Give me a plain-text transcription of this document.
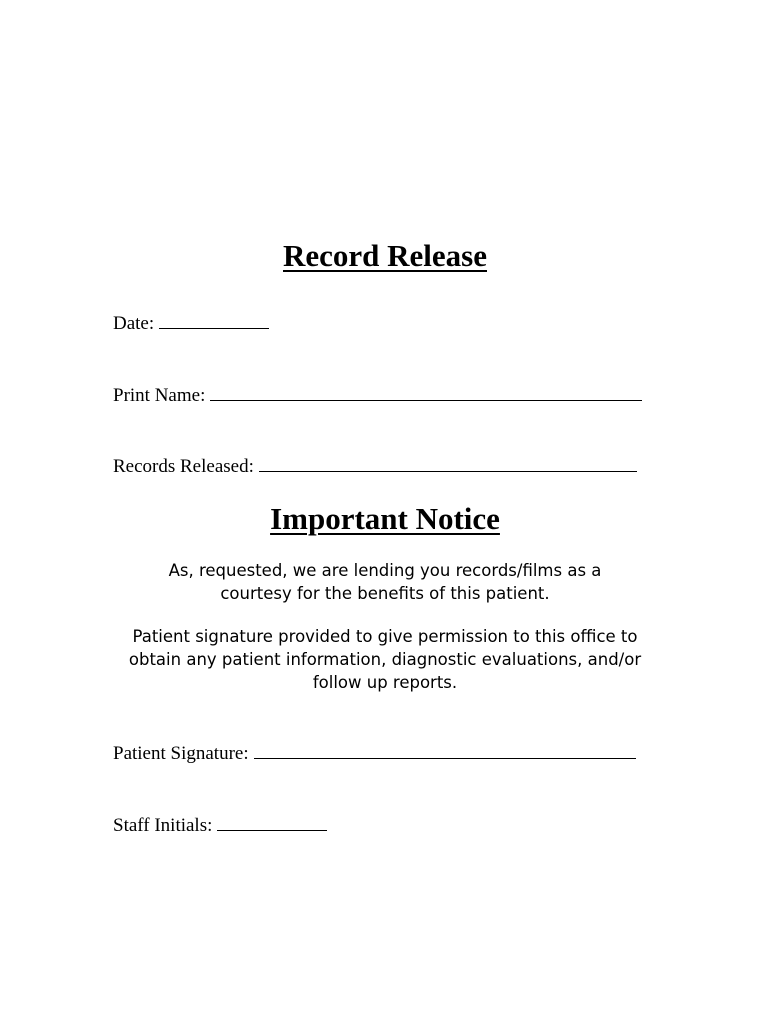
Record Release
Date:
Print Name:
Records Released:
Important Notice
As, requested, we are lending you records/films as a
courtesy for the benefits of this patient.
Patient signature provided to give permission to this office to
obtain any patient information, diagnostic evaluations, and/or
follow up reports.
Patient Signature:
Staff Initials:
